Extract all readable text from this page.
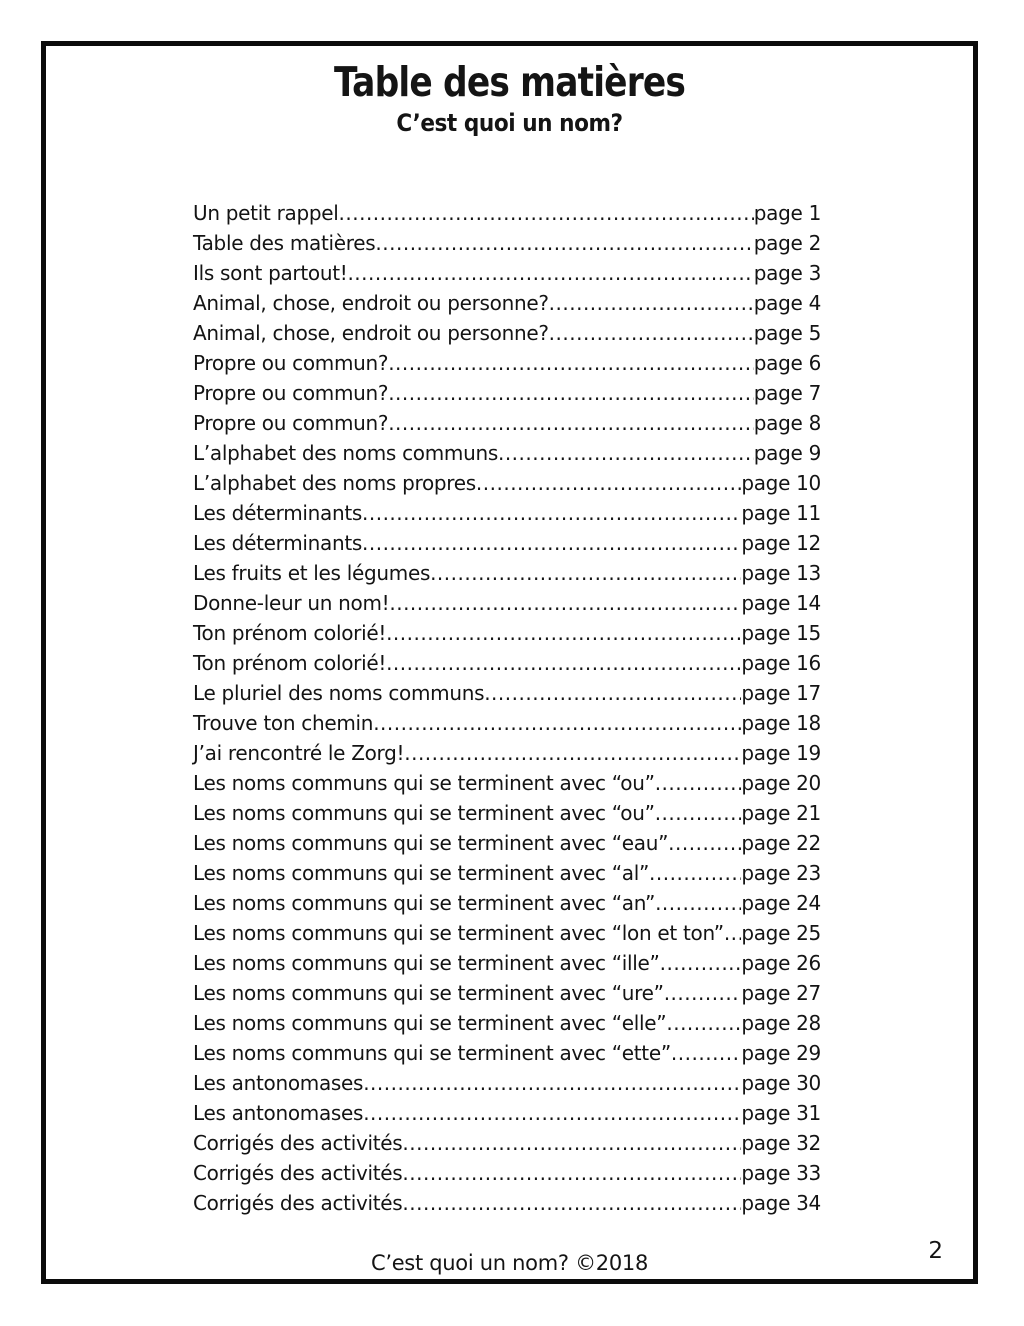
Table des matières
C’est quoi un nom?
Un petit rappel .....	page 1
Table des matières .....	page 2
Ils sont partout! .....	page 3
Animal, chose, endroit ou personne? .....	page 4
Animal, chose, endroit ou personne? .....	page 5
Propre ou commun? .....	page 6
Propre ou commun? .....	page 7
Propre ou commun? .....	page 8
L’alphabet des noms communs .....	page 9
L’alphabet des noms propres .....	page 10
Les déterminants .....	page 11
Les déterminants .....	page 12
Les fruits et les légumes .....	page 13
Donne-leur un nom! .....	page 14
Ton prénom colorié! .....	page 15
Ton prénom colorié! .....	page 16
Le pluriel des noms communs .....	page 17
Trouve ton chemin .....	page 18
J’ai rencontré le Zorg! .....	page 19
Les noms communs qui se terminent avec “ou” .....	page 20
Les noms communs qui se terminent avec “ou” .....	page 21
Les noms communs qui se terminent avec “eau” .....	page 22
Les noms communs qui se terminent avec “al” .....	page 23
Les noms communs qui se terminent avec “an” .....	page 24
Les noms communs qui se terminent avec “lon et ton” ..... page 25
Les noms communs qui se terminent avec “ille” .....	page 26
Les noms communs qui se terminent avec “ure” .....	page 27
Les noms communs qui se terminent avec “elle” .....	page 28
Les noms communs qui se terminent avec “ette” .....	page 29
Les antonomases .....	page 30
Les antonomases .....	page 31
Corrigés des activités .....	page 32
Corrigés des activités .....	page 33
Corrigés des activités .....	page 34
C’est quoi un nom? ©2018	2
